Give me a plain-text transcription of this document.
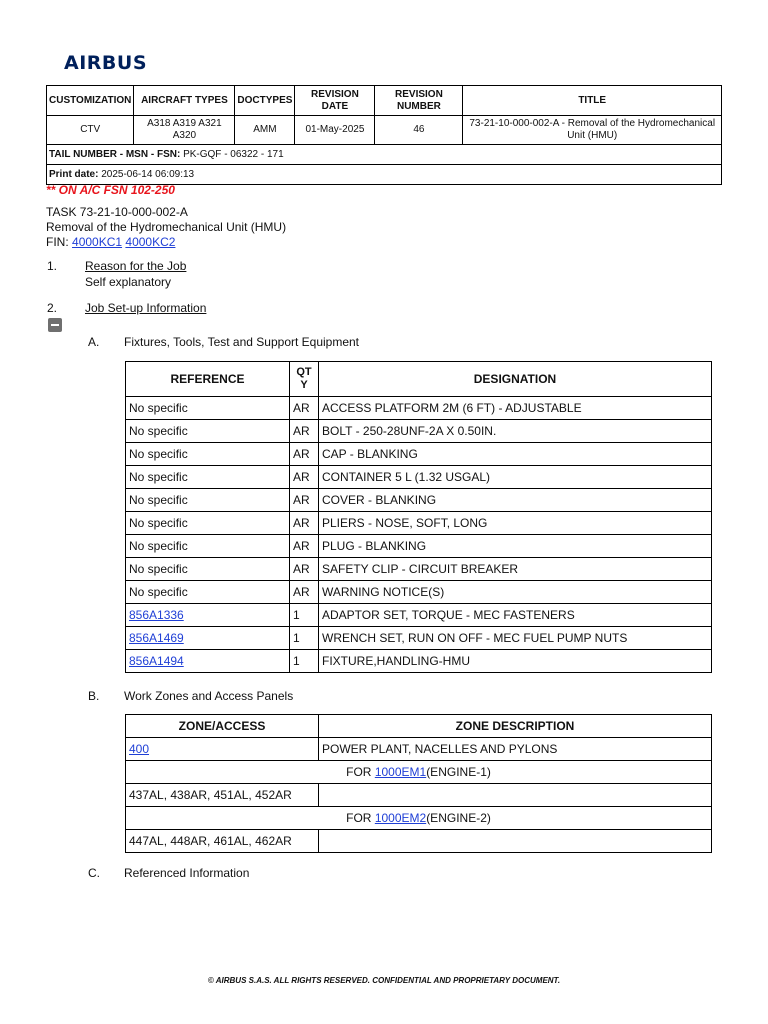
AIRBUS
CUSTOMIZATION	AIRCRAFT TYPES	DOCTYPES	REVISION DATE	REVISION NUMBER	TITLE
CTV	A318 A319 A321 A320	AMM	01-May-2025	46	73-21-10-000-002-A - Removal of the Hydromechanical Unit (HMU)
TAIL NUMBER - MSN - FSN: PK-GQF - 06322 - 171					
Print date: 2025-06-14 06:09:13					
** ON A/C FSN 102-250
TASK 73-21-10-000-002-A
Removal of the Hydromechanical Unit (HMU)
FIN: 4000KC1 4000KC2
1. Reason for the Job
Self explanatory
2. Job Set-up Information
A. Fixtures, Tools, Test and Support Equipment
REFERENCE	QTY	DESIGNATION
No specific	AR	ACCESS PLATFORM 2M (6 FT) - ADJUSTABLE
No specific	AR	BOLT - 250-28UNF-2A X 0.50IN.
No specific	AR	CAP - BLANKING
No specific	AR	CONTAINER 5 L (1.32 USGAL)
No specific	AR	COVER - BLANKING
No specific	AR	PLIERS - NOSE, SOFT, LONG
No specific	AR	PLUG - BLANKING
No specific	AR	SAFETY CLIP - CIRCUIT BREAKER
No specific	AR	WARNING NOTICE(S)
856A1336	1	ADAPTOR SET, TORQUE - MEC FASTENERS
856A1469	1	WRENCH SET, RUN ON OFF - MEC FUEL PUMP NUTS
856A1494	1	FIXTURE,HANDLING-HMU
B. Work Zones and Access Panels
ZONE/ACCESS	ZONE DESCRIPTION
400	POWER PLANT, NACELLES AND PYLONS
FOR 1000EM1(ENGINE-1)	
437AL, 438AR, 451AL, 452AR	
FOR 1000EM2(ENGINE-2)	
447AL, 448AR, 461AL, 462AR	
C. Referenced Information
© AIRBUS S.A.S. ALL RIGHTS RESERVED. CONFIDENTIAL AND PROPRIETARY DOCUMENT.
